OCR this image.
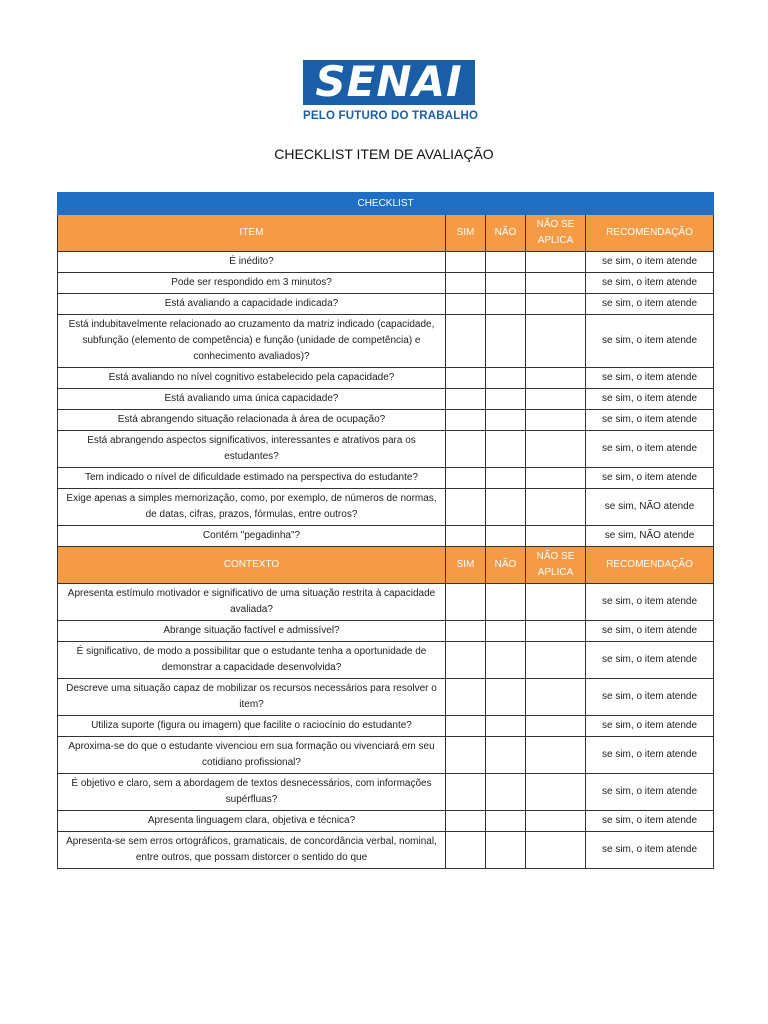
SENAI
PELO FUTURO DO TRABALHO
CHECKLIST ITEM DE AVALIAÇÃO
CHECKLIST				
ITEM	SIM	NÃO	NÃO SE APLICA	RECOMENDAÇÃO
É inédito?				se sim, o item atende
Pode ser respondido em 3 minutos?				se sim, o item atende
Está avaliando a capacidade indicada?				se sim, o item atende
Está indubitavelmente relacionado ao cruzamento da matriz indicado (capacidade, subfunção (elemento de competência) e função (unidade de competência) e conhecimento avaliados)?				se sim, o item atende
Está avaliando no nível cognitivo estabelecido pela capacidade?				se sim, o item atende
Está avaliando uma única capacidade?				se sim, o item atende
Está abrangendo situação relacionada à área de ocupação?				se sim, o item atende
Está abrangendo aspectos significativos, interessantes e atrativos para os estudantes?				se sim, o item atende
Tem indicado o nível de dificuldade estimado na perspectiva do estudante?				se sim, o item atende
Exige apenas a simples memorização, como, por exemplo, de números de normas, de datas, cifras, prazos, fórmulas, entre outros?				se sim, NÃO atende
Contém "pegadinha"?				se sim, NÃO atende
CONTEXTO	SIM	NÃO	NÃO SE APLICA	RECOMENDAÇÃO
Apresenta estímulo motivador e significativo de uma situação restrita à capacidade avaliada?				se sim, o item atende
Abrange situação factível e admissível?				se sim, o item atende
É significativo, de modo a possibilitar que o estudante tenha a oportunidade de demonstrar a capacidade desenvolvida?				se sim, o item atende
Descreve uma situação capaz de mobilizar os recursos necessários para resolver o item?				se sim, o item atende
Utiliza suporte (figura ou imagem) que facilite o raciocínio do estudante?				se sim, o item atende
Aproxima-se do que o estudante vivenciou em sua formação ou vivenciará em seu cotidiano profissional?				se sim, o item atende
É objetivo e claro, sem a abordagem de textos desnecessários, com informações supérfluas?				se sim, o item atende
Apresenta linguagem clara, objetiva e técnica?				se sim, o item atende
Apresenta-se sem erros ortográficos, gramaticais, de concordância verbal, nominal, entre outros, que possam distorcer o sentido do que				se sim, o item atende
